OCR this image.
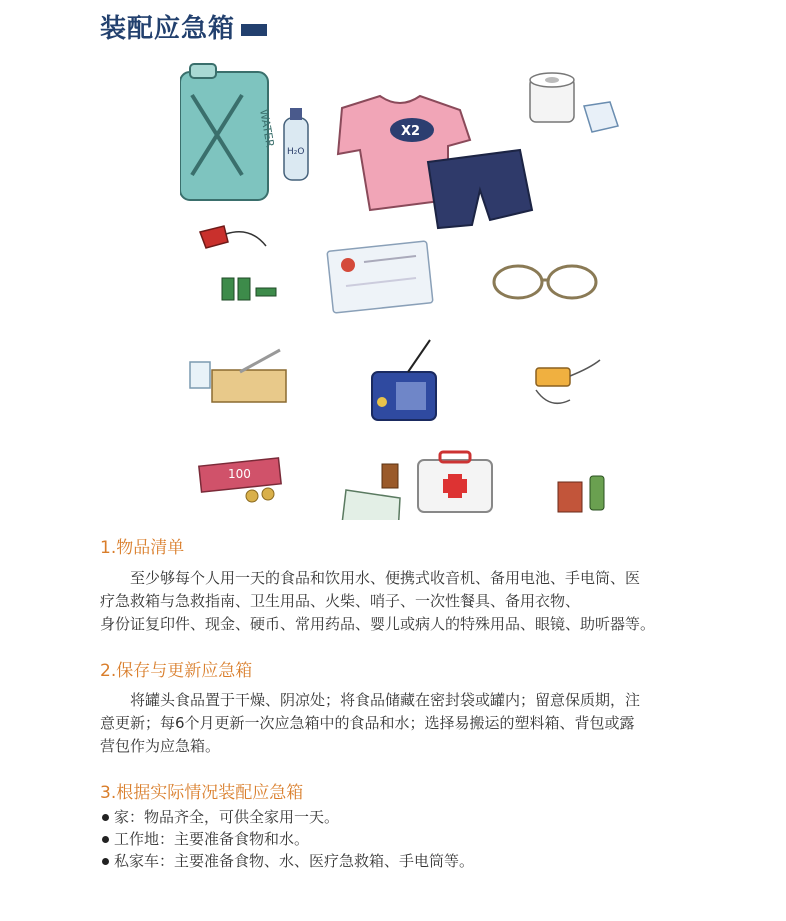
装配应急箱
WATER
H₂O
X2
100
1.物品清单
至少够每个人用一天的食品和饮用水、便携式收音机、备用电池、手电筒、医
疗急救箱与急救指南、卫生用品、火柴、哨子、一次性餐具、备用衣物、
身份证复印件、现金、硬币、常用药品、婴儿或病人的特殊用品、眼镜、助听器等。
2.保存与更新应急箱
将罐头食品置于干燥、阴凉处；将食品储藏在密封袋或罐内；留意保质期，注
意更新；每6个月更新一次应急箱中的食品和水；选择易搬运的塑料箱、背包或露
营包作为应急箱。
3.根据实际情况装配应急箱
家：物品齐全，可供全家用一天。
工作地：主要准备食物和水。
私家车：主要准备食物、水、医疗急救箱、手电筒等。
